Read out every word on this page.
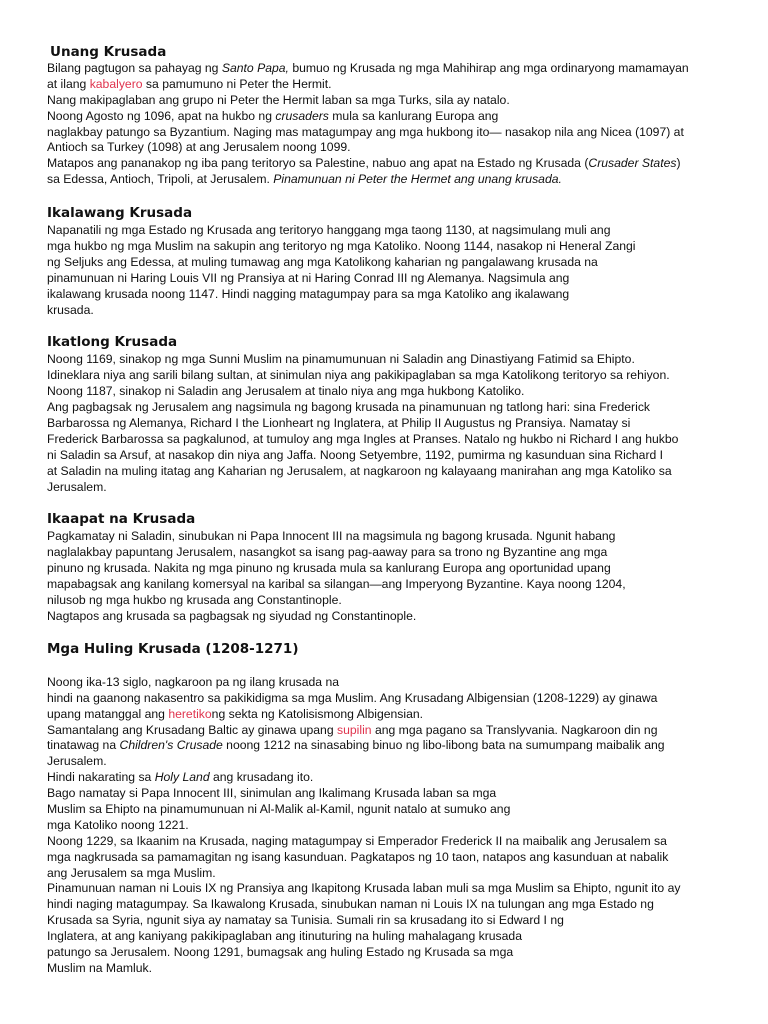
Unang Krusada
Bilang pagtugon sa pahayag ng Santo Papa, bumuo ng Krusada ng mga Mahihirap ang mga ordinaryong mamamayan
at ilang kabalyero sa pamumuno ni Peter the Hermit.
Nang makipaglaban ang grupo ni Peter the Hermit laban sa mga Turks, sila ay natalo.
Noong Agosto ng 1096, apat na hukbo ng crusaders mula sa kanlurang Europa ang
naglakbay patungo sa Byzantium. Naging mas matagumpay ang mga hukbong ito— nasakop nila ang Nicea (1097) at
Antioch sa Turkey (1098) at ang Jerusalem noong 1099.
Matapos ang pananakop ng iba pang teritoryo sa Palestine, nabuo ang apat na Estado ng Krusada (Crusader States)
sa Edessa, Antioch, Tripoli, at Jerusalem. Pinamunuan ni Peter the Hermet ang unang krusada.
Ikalawang Krusada
Napanatili ng mga Estado ng Krusada ang teritoryo hanggang mga taong 1130, at nagsimulang muli ang
mga hukbo ng mga Muslim na sakupin ang teritoryo ng mga Katoliko. Noong 1144, nasakop ni Heneral Zangi
ng Seljuks ang Edessa, at muling tumawag ang mga Katolikong kaharian ng pangalawang krusada na
pinamunuan ni Haring Louis VII ng Pransiya at ni Haring Conrad III ng Alemanya. Nagsimula ang
ikalawang krusada noong 1147. Hindi nagging matagumpay para sa mga Katoliko ang ikalawang
krusada.
Ikatlong Krusada
Noong 1169, sinakop ng mga Sunni Muslim na pinamumunuan ni Saladin ang Dinastiyang Fatimid sa Ehipto.
Idineklara niya ang sarili bilang sultan, at sinimulan niya ang pakikipaglaban sa mga Katolikong teritoryo sa rehiyon.
Noong 1187, sinakop ni Saladin ang Jerusalem at tinalo niya ang mga hukbong Katoliko.
Ang pagbagsak ng Jerusalem ang nagsimula ng bagong krusada na pinamunuan ng tatlong hari: sina Frederick
Barbarossa ng Alemanya, Richard I the Lionheart ng Inglatera, at Philip II Augustus ng Pransiya. Namatay si
Frederick Barbarossa sa pagkalunod, at tumuloy ang mga Ingles at Pranses. Natalo ng hukbo ni Richard I ang hukbo
ni Saladin sa Arsuf, at nasakop din niya ang Jaffa. Noong Setyembre, 1192, pumirma ng kasunduan sina Richard I
at Saladin na muling itatag ang Kaharian ng Jerusalem, at nagkaroon ng kalayaang manirahan ang mga Katoliko sa
Jerusalem.
Ikaapat na Krusada
Pagkamatay ni Saladin, sinubukan ni Papa Innocent III na magsimula ng bagong krusada. Ngunit habang
naglalakbay papuntang Jerusalem, nasangkot sa isang pag-aaway para sa trono ng Byzantine ang mga
pinuno ng krusada. Nakita ng mga pinuno ng krusada mula sa kanlurang Europa ang oportunidad upang
mapabagsak ang kanilang komersyal na karibal sa silangan—ang Imperyong Byzantine. Kaya noong 1204,
nilusob ng mga hukbo ng krusada ang Constantinople.
Nagtapos ang krusada sa pagbagsak ng siyudad ng Constantinople.
Mga Huling Krusada (1208-1271)
Noong ika-13 siglo, nagkaroon pa ng ilang krusada na
hindi na gaanong nakasentro sa pakikidigma sa mga Muslim. Ang Krusadang Albigensian (1208-1229) ay ginawa
upang matanggal ang heretikong sekta ng Katolisismong Albigensian.
Samantalang ang Krusadang Baltic ay ginawa upang supilin ang mga pagano sa Translyvania. Nagkaroon din ng
tinatawag na Children's Crusade noong 1212 na sinasabing binuo ng libo-libong bata na sumumpang maibalik ang
Jerusalem.
Hindi nakarating sa Holy Land ang krusadang ito.
Bago namatay si Papa Innocent III, sinimulan ang Ikalimang Krusada laban sa mga
Muslim sa Ehipto na pinamumunuan ni Al-Malik al-Kamil, ngunit natalo at sumuko ang
mga Katoliko noong 1221.
Noong 1229, sa Ikaanim na Krusada, naging matagumpay si Emperador Frederick II na maibalik ang Jerusalem sa
mga nagkrusada sa pamamagitan ng isang kasunduan. Pagkatapos ng 10 taon, natapos ang kasunduan at nabalik
ang Jerusalem sa mga Muslim.
Pinamunuan naman ni Louis IX ng Pransiya ang Ikapitong Krusada laban muli sa mga Muslim sa Ehipto, ngunit ito ay
hindi naging matagumpay. Sa Ikawalong Krusada, sinubukan naman ni Louis IX na tulungan ang mga Estado ng
Krusada sa Syria, ngunit siya ay namatay sa Tunisia. Sumali rin sa krusadang ito si Edward I ng
Inglatera, at ang kaniyang pakikipaglaban ang itinuturing na huling mahalagang krusada
patungo sa Jerusalem. Noong 1291, bumagsak ang huling Estado ng Krusada sa mga
Muslim na Mamluk.
